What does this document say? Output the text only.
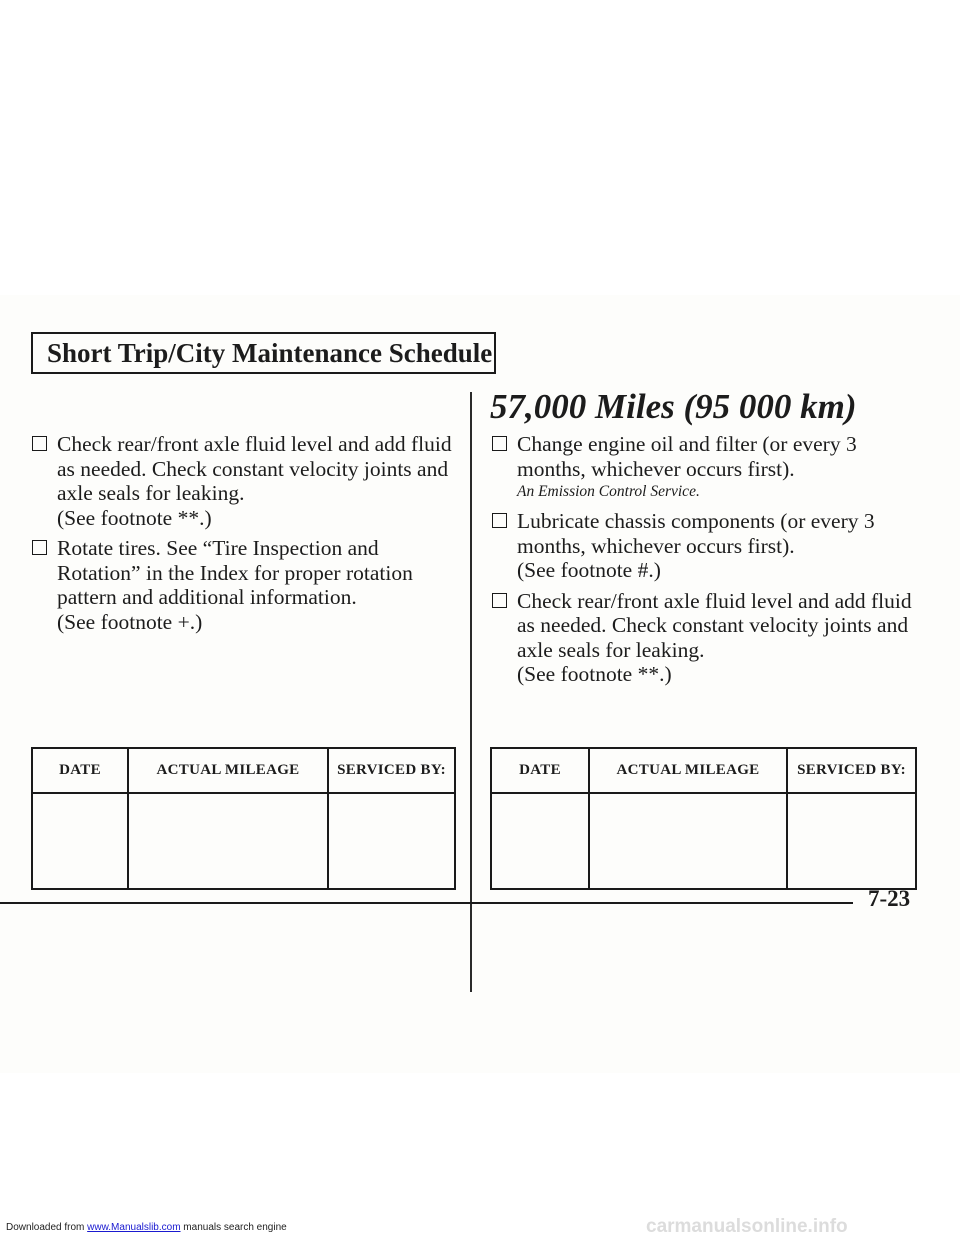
Short Trip/City Maintenance Schedule
57,000 Miles (95 000 km)
Check rear/front axle fluid level and add fluid as needed. Check constant velocity joints and axle seals for leaking.
(See footnote **.)
Rotate tires. See “Tire Inspection and Rotation” in the Index for proper rotation pattern and additional information.
(See footnote +.)
Change engine oil and filter (or every 3 months, whichever occurs first).
An Emission Control Service.
Lubricate chassis components (or every 3 months, whichever occurs first).
(See footnote #.)
Check rear/front axle fluid level and add fluid as needed. Check constant velocity joints and axle seals for leaking.
(See footnote **.)
DATE	ACTUAL MILEAGE	SERVICED BY:
			DATE	ACTUAL MILEAGE	SERVICED BY:

7-23
Downloaded from www.Manualslib.com manuals search engine	carmanualsonline.info
